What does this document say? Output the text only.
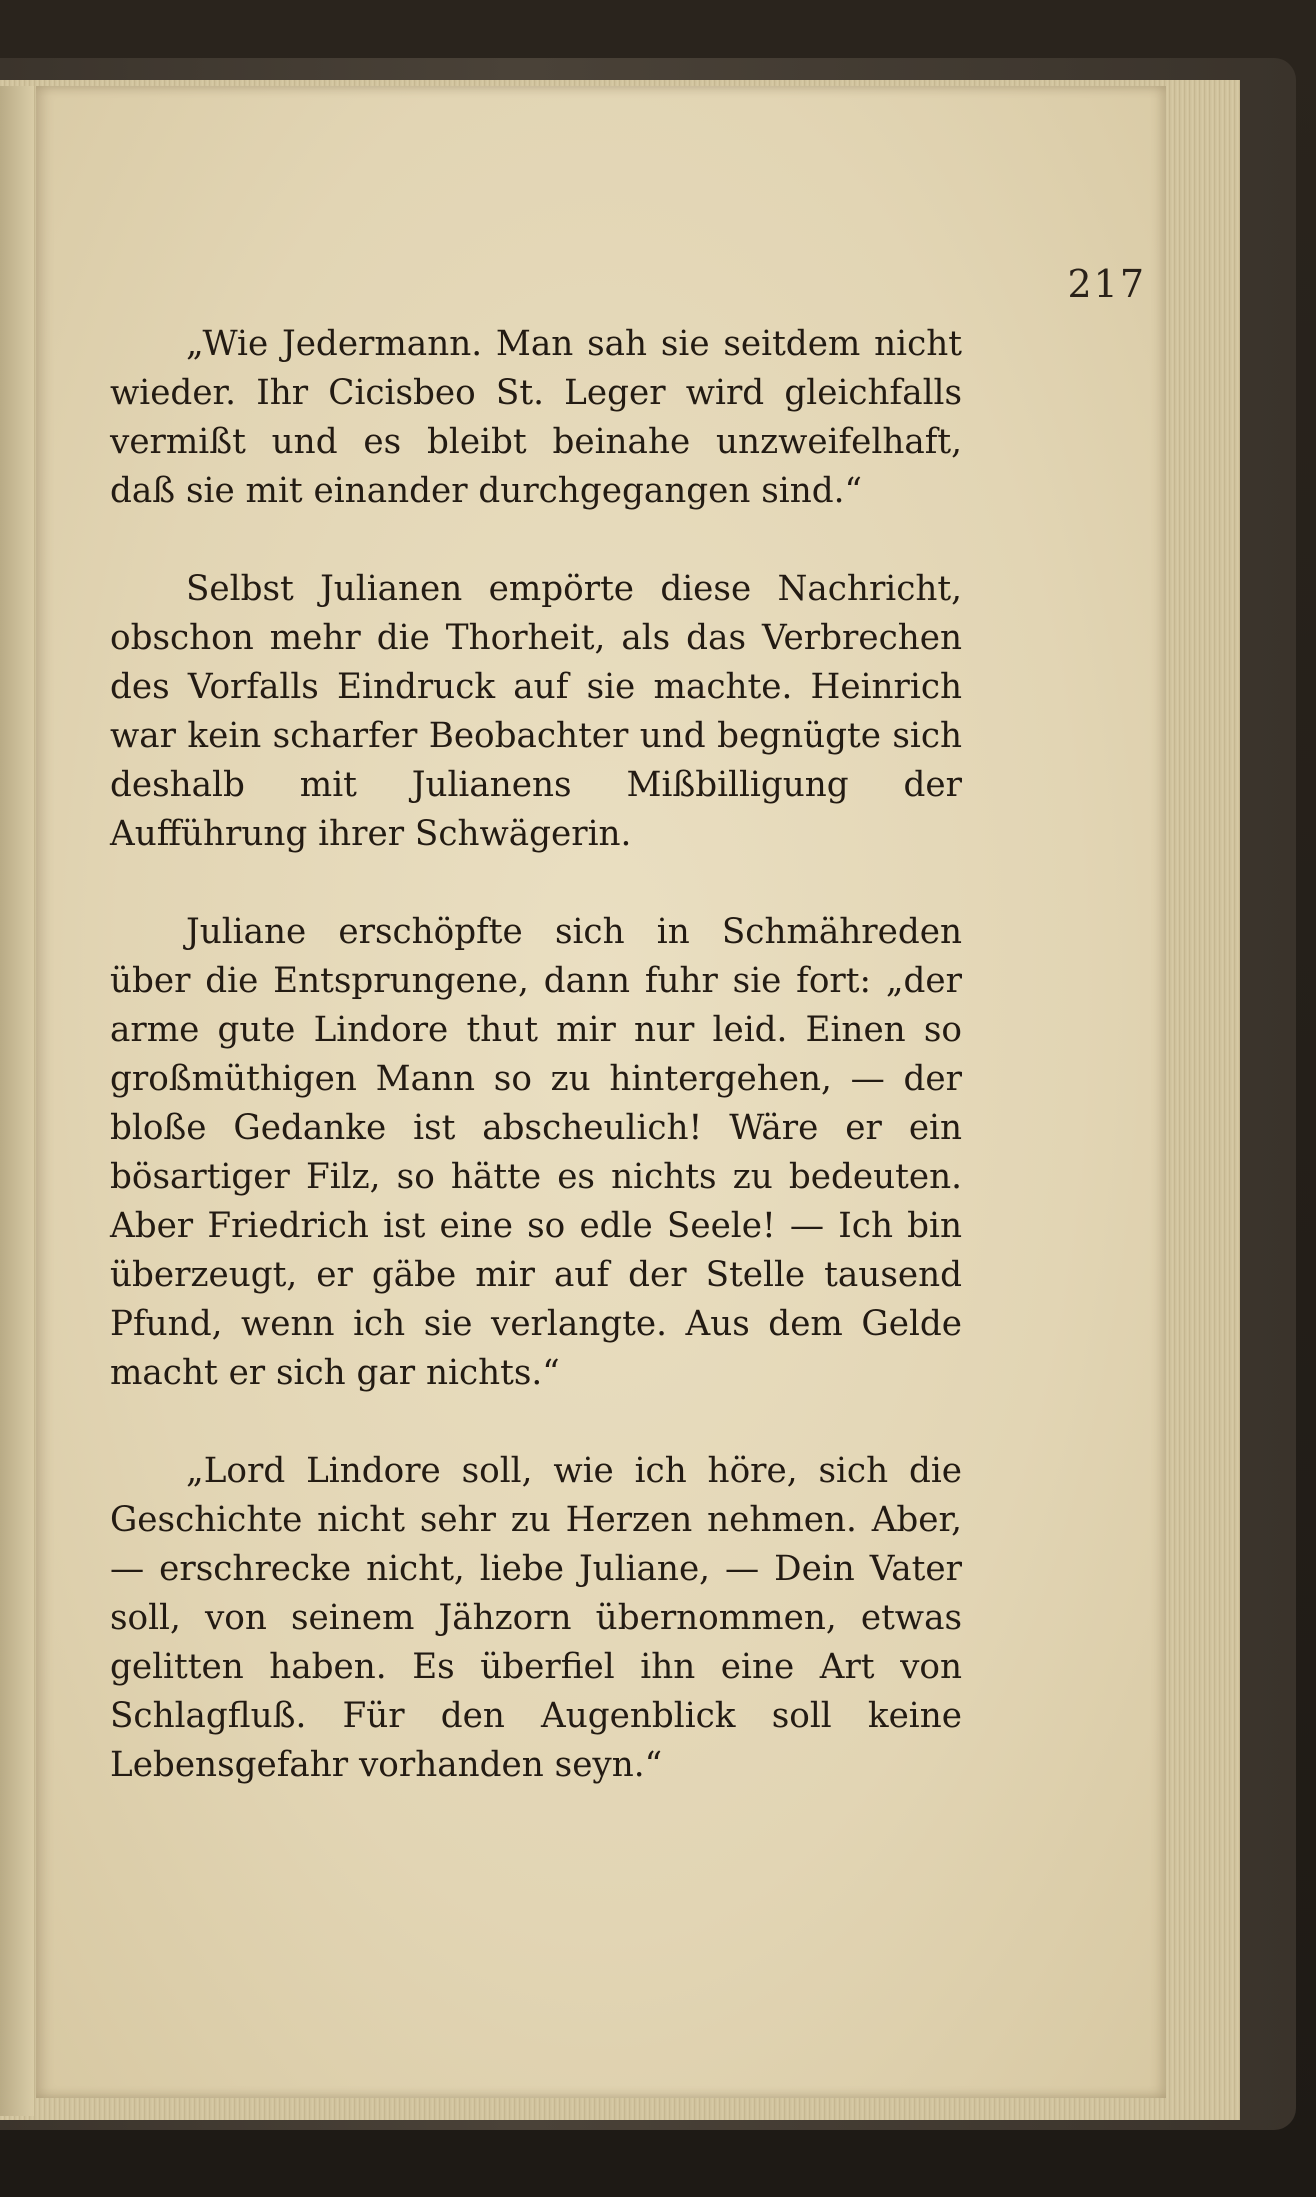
217

„Wie Jedermann. Man sah sie seitdem nicht wieder. Ihr Cicisbeo St. Leger wird gleichfalls vermißt und es bleibt beinahe unzweifelhaft, daß sie mit einander durchgegangen sind.“

Selbst Julianen empörte diese Nachricht, obschon mehr die Thorheit, als das Verbrechen des Vorfalls Eindruck auf sie machte. Heinrich war kein scharfer Beobachter und begnügte sich deshalb mit Julianens Mißbilligung der Aufführung ihrer Schwägerin.

Juliane erschöpfte sich in Schmähreden über die Entsprungene, dann fuhr sie fort: „der arme gute Lindore thut mir nur leid. Einen so großmüthigen Mann so zu hintergehen, — der bloße Gedanke ist abscheulich! Wäre er ein bösartiger Filz, so hätte es nichts zu bedeuten. Aber Friedrich ist eine so edle Seele! — Ich bin überzeugt, er gäbe mir auf der Stelle tausend Pfund, wenn ich sie verlangte. Aus dem Gelde macht er sich gar nichts.“

„Lord Lindore soll, wie ich höre, sich die Geschichte nicht sehr zu Herzen nehmen. Aber, — erschrecke nicht, liebe Juliane, — Dein Vater soll, von seinem Jähzorn übernommen, etwas gelitten haben. Es überfiel ihn eine Art von Schlagfluß. Für den Augenblick soll keine Lebensgefahr vorhanden seyn.“
